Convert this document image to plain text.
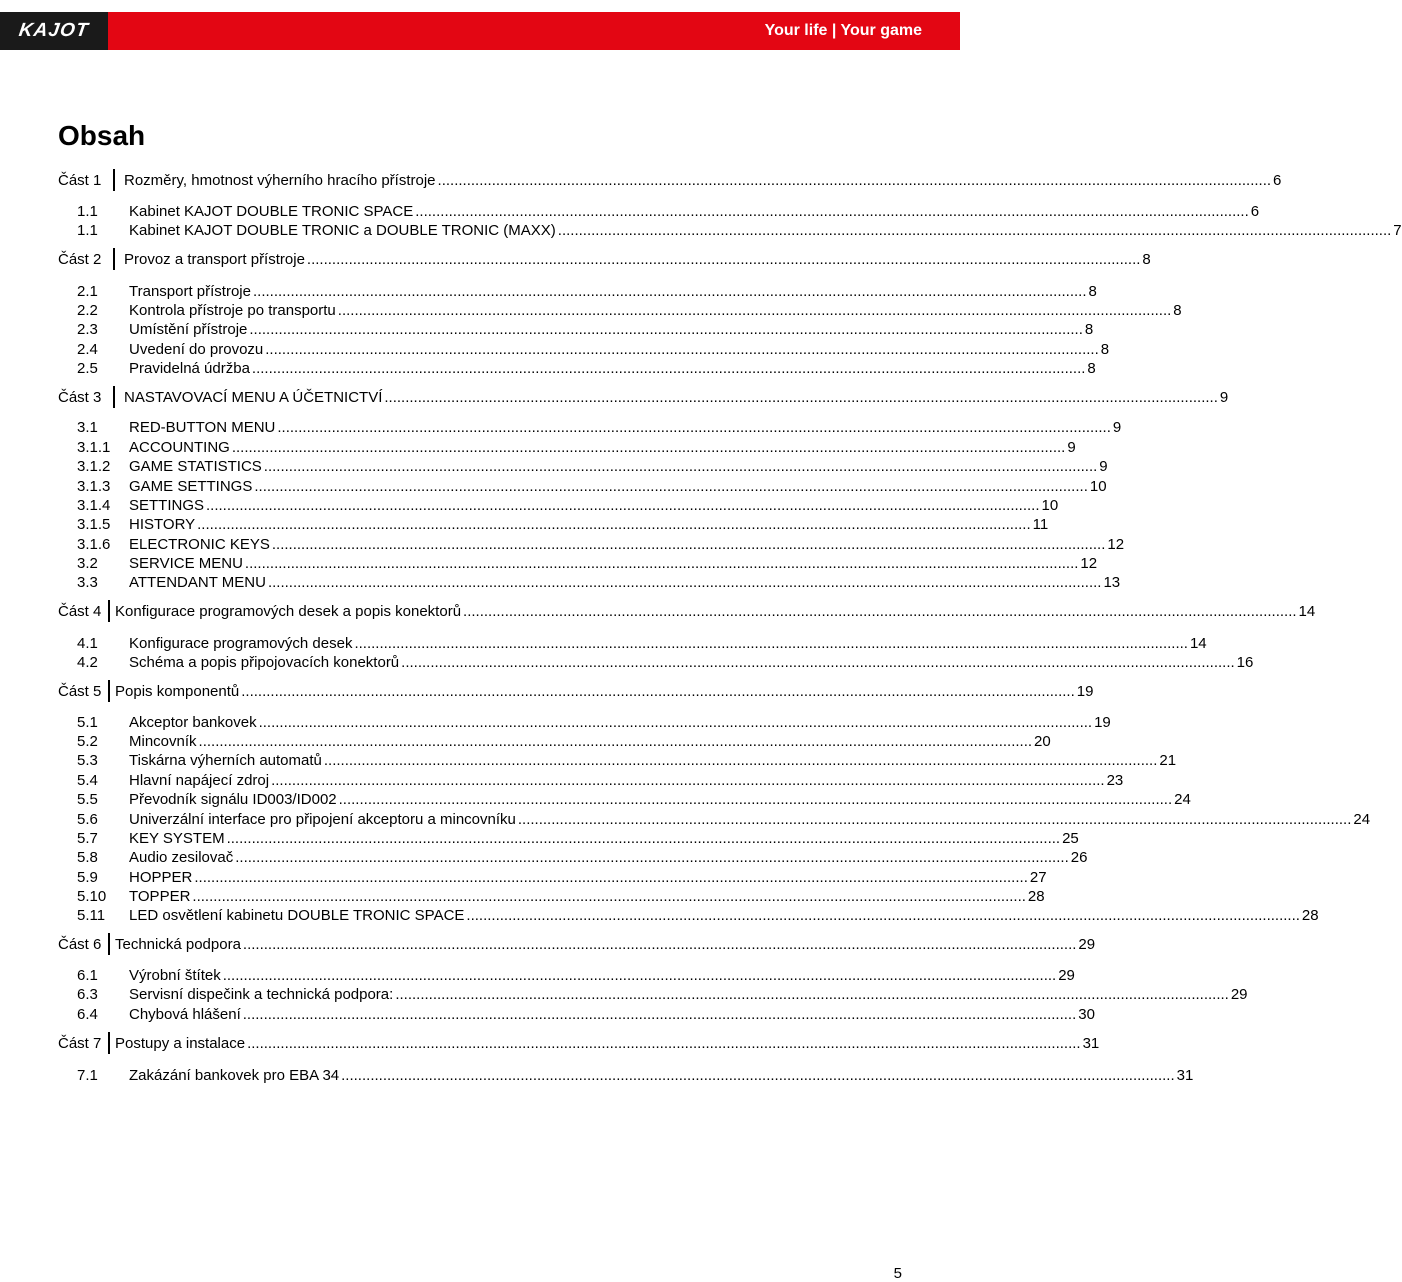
KAJOT	Your life | Your game
Obsah
Část 1 Rozměry, hmotnost výherního hracího přístroje ........................................................................................................................................................................................................ 6
1.1 Kabinet KAJOT DOUBLE TRONIC SPACE ........................................................................................................................................................................................................ 6
1.1 Kabinet KAJOT DOUBLE TRONIC a DOUBLE TRONIC (MAXX) ........................................................................................................................................................................................................ 7
Část 2 Provoz a transport přístroje ........................................................................................................................................................................................................ 8
2.1 Transport přístroje ........................................................................................................................................................................................................ 8
2.2 Kontrola přístroje po transportu ........................................................................................................................................................................................................ 8
2.3 Umístění přístroje ........................................................................................................................................................................................................ 8
2.4 Uvedení do provozu ........................................................................................................................................................................................................ 8
2.5 Pravidelná údržba ........................................................................................................................................................................................................ 8
Část 3 NASTAVOVACÍ MENU A ÚČETNICTVÍ ........................................................................................................................................................................................................ 9
3.1 RED-BUTTON MENU ........................................................................................................................................................................................................ 9
3.1.1 ACCOUNTING ........................................................................................................................................................................................................ 9
3.1.2 GAME STATISTICS ........................................................................................................................................................................................................ 9
3.1.3 GAME SETTINGS ........................................................................................................................................................................................................ 10
3.1.4 SETTINGS ........................................................................................................................................................................................................ 10
3.1.5 HISTORY ........................................................................................................................................................................................................ 11
3.1.6 ELECTRONIC KEYS ........................................................................................................................................................................................................ 12
3.2 SERVICE MENU ........................................................................................................................................................................................................ 12
3.3 ATTENDANT MENU ........................................................................................................................................................................................................ 13
Část 4 Konfigurace programových desek a popis konektorů ........................................................................................................................................................................................................ 14
4.1 Konfigurace programových desek ........................................................................................................................................................................................................ 14
4.2 Schéma a popis připojovacích konektorů ........................................................................................................................................................................................................ 16
Část 5 Popis komponentů ........................................................................................................................................................................................................ 19
5.1 Akceptor bankovek ........................................................................................................................................................................................................ 19
5.2 Mincovník ........................................................................................................................................................................................................ 20
5.3 Tiskárna výherních automatů ........................................................................................................................................................................................................ 21
5.4 Hlavní napájecí zdroj ........................................................................................................................................................................................................ 23
5.5 Převodník signálu ID003/ID002 ........................................................................................................................................................................................................ 24
5.6 Univerzální interface pro připojení akceptoru a mincovníku ........................................................................................................................................................................................................ 24
5.7 KEY SYSTEM ........................................................................................................................................................................................................ 25
5.8 Audio zesilovač ........................................................................................................................................................................................................ 26
5.9 HOPPER ........................................................................................................................................................................................................ 27
5.10 TOPPER ........................................................................................................................................................................................................ 28
5.11 LED osvětlení kabinetu DOUBLE TRONIC SPACE ........................................................................................................................................................................................................ 28
Část 6 Technická podpora ........................................................................................................................................................................................................ 29
6.1 Výrobní štítek ........................................................................................................................................................................................................ 29
6.3 Servisní dispečink a technická podpora: ........................................................................................................................................................................................................ 29
6.4 Chybová hlášení ........................................................................................................................................................................................................ 30
Část 7 Postupy a instalace ........................................................................................................................................................................................................ 31
7.1 Zakázání bankovek pro EBA 34 ........................................................................................................................................................................................................ 31
5
